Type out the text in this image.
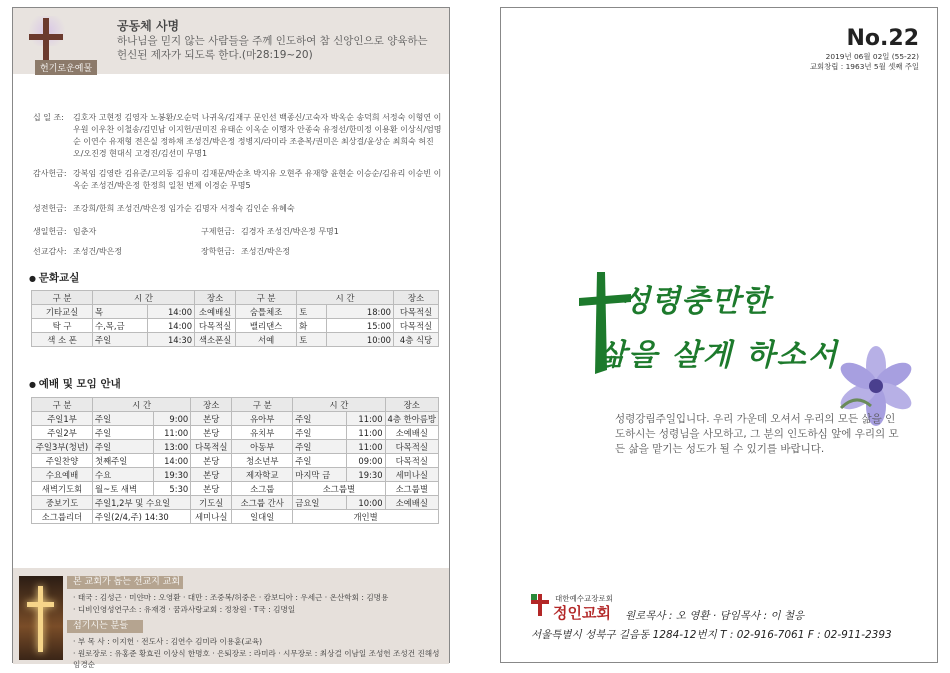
공동체 사명
하나님을 믿지 않는 사람들을 주께 인도하여 참 신앙인으로 양육하는 헌신된 제자가 되도록 한다.(마28:19~20)
헌기로운예물
십 일 조:	김호자 고현정 김영자 노봉환/오순덕 나귀옥/김재구 문인선 백종신/고숙자 박옥순 송덕희 서정숙 이형연 이우원 이우찬 이철송/김민남 이지헌/권미진 유태순 이옥순 이행자 안종숙 유정선/한미정 이용환 이상식/엄명순 이연수 유재형 전은실 정하채 조성건/박은정 정병지/라미라 조춘복/권미은 최상걸/윤상순 최희숙 허진오/오진경 현대식 고경진/김선미 무명1
감사헌금: 강복임 김영란 김유준/고의동 김유미 김재문/박순초 박지유 오현주 유재향 윤현순 이승순/김유리 이승빈 이옥순 조성건/박은정 한정희 일천 번제 이경순 무명5
성전헌금: 조강희/한희 조성건/박은정 임가순 김명자 서정숙 김인순 유혜숙
생일헌금: 임춘자	구제헌금: 김경자 조성건/박은정 무명1
선교감사: 조성건/박은정	장학헌금: 조성건/박은정
● 문화교실
구 분	시 간		장소	구 분	시 간		장소
기타교실	목	14:00	소예배실	숨틀체조	토	18:00	다목적실
탁 구	수,목,금	14:00	다목적실	밸리댄스	화	15:00	다목적실
색 소 폰	주일	14:30	색소폰실	서예	토	10:00	4층 식당
● 예배 및 모임 안내
구 분	시 간		장소	구 분	시 간		장소
주일1부	주일	9:00	본당	유아부	주일	11:00	4층 한아름방
주일2부	주일	11:00	본당	유치부	주일	11:00	소예배실
주일3부(청년)	주일	13:00	다목적실	아동부	주일	11:00	다목적실
주일찬양	첫째주일	14:00	본당	청소년부	주일	09:00	다목적실
수요예배	수요	19:30	본당	제자학교	마지막 금	19:30	세미나실
새벽기도회	월~토 새벽	5:30	본당	소그룹	소그룹별		소그룹별
중보기도	주일1,2부 및 수요일		기도실	소그룹 간사	금요일	10:00	소예배실
소그룹리더	주일(2/4,주) 14:30		세미나실	일대일	개인별		
본 교회가 돕는 선교지 교회
· 태국 : 김성근 · 미얀마 : 오영환 · 대만 : 조중복/허중은 · 캄보디아 : 우세근 · 온산학회 : 김명용
· 디비인영성연구소 : 유재경 · 꿈과사랑교회 : 정창원 · T국 : 김명일
섬기시는 분들
· 부 목 사 : 이지헌 · 전도사 : 김연수 김미라 이용훈(교육)
· 원로장로 : 유홍준 황효린 이상식 한명호 · 은퇴장로 : 라미라 · 시무장로 : 최상걸 이남일 조성헌 조성건 진해성 임경순
No.22
2019년 06월 02일 (55-22)
교회창립 : 1963년 5월 셋째 주일
성령충만한
삶을 살게 하소서
성령강림주일입니다. 우리 가운데 오셔서 우리의 모든 삶을 인도하시는 성령님을 사모하고, 그 분의 인도하심 앞에 우리의 모든 삶을 맡기는 성도가 될 수 있기를 바랍니다.
대한예수교장로회
정인교회 원로목사 : 오 영환 · 담임목사 : 이 철응
서울특별시 성북구 길음동 1284-12번지 T : 02-916-7061 F : 02-911-2393
